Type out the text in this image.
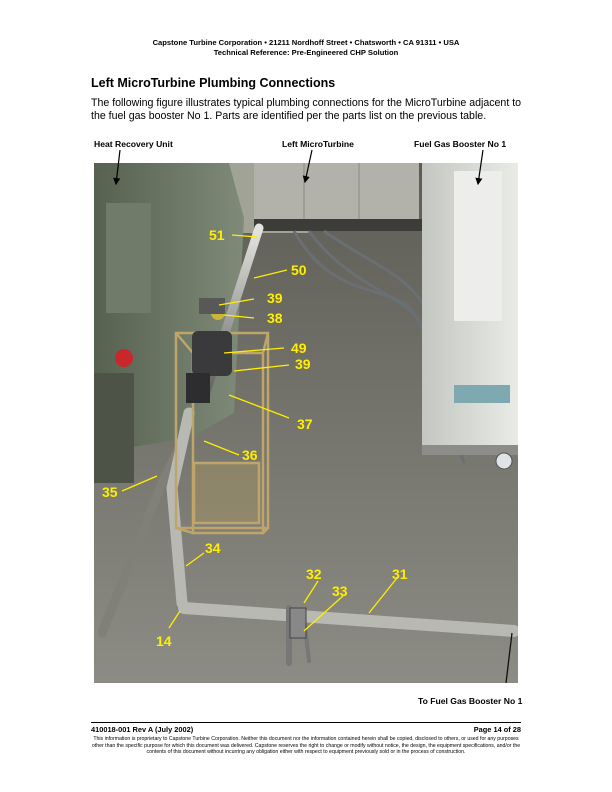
Capstone Turbine Corporation • 21211 Nordhoff Street • Chatsworth • CA 91311 • USA
Technical Reference: Pre-Engineered CHP Solution
Left MicroTurbine Plumbing Connections
The following figure illustrates typical plumbing connections for the MicroTurbine adjacent to the fuel gas booster No 1. Parts are identified per the parts list on the previous table.
Heat Recovery Unit	Left MicroTurbine	Fuel Gas Booster No 1
51
50
39
38
49
39
37
36
35
34
32	31
33
14
To Fuel Gas Booster No 1
410018-001 Rev A (July 2002)	Page 14 of 28
This information is proprietary to Capstone Turbine Corporation. Neither this document nor the information contained herein shall be copied, disclosed to others, or used for any purposes other than the specific purpose for which this document was delivered. Capstone reserves the right to change or modify without notice, the design, the equipment specifications, and/or the contents of this document without incurring any obligation either with respect to equipment previously sold or in the process of construction.
